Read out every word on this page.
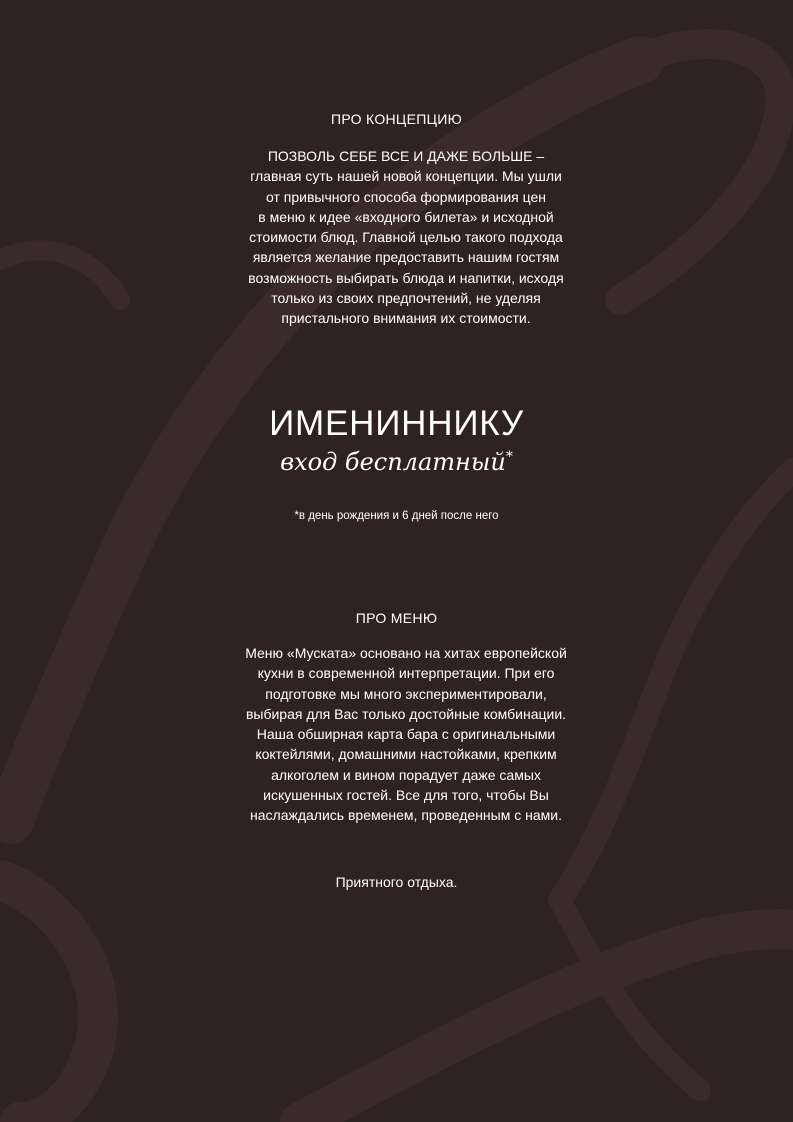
ПРО КОНЦЕПЦИЮ
ПОЗВОЛЬ СЕБЕ ВСЕ И ДАЖЕ БОЛЬШЕ –
главная суть нашей новой концепции. Мы ушли
от привычного способа формирования цен
в меню к идее «входного билета» и исходной
стоимости блюд. Главной целью такого подхода
является желание предоставить нашим гостям
возможность выбирать блюда и напитки, исходя
только из своих предпочтений, не уделяя
пристального внимания их стоимости.
ИМЕНИННИКУ
вход бесплатный*
*в день рождения и 6 дней после него
ПРО МЕНЮ
Меню «Муската» основано на хитах европейской
кухни в современной интерпретации. При его
подготовке мы много экспериментировали,
выбирая для Вас только достойные комбинации.
Наша обширная карта бара с оригинальными
коктейлями, домашними настойками, крепким
алкоголем и вином порадует даже самых
искушенных гостей. Все для того, чтобы Вы
наслаждались временем, проведенным с нами.
Приятного отдыха.
